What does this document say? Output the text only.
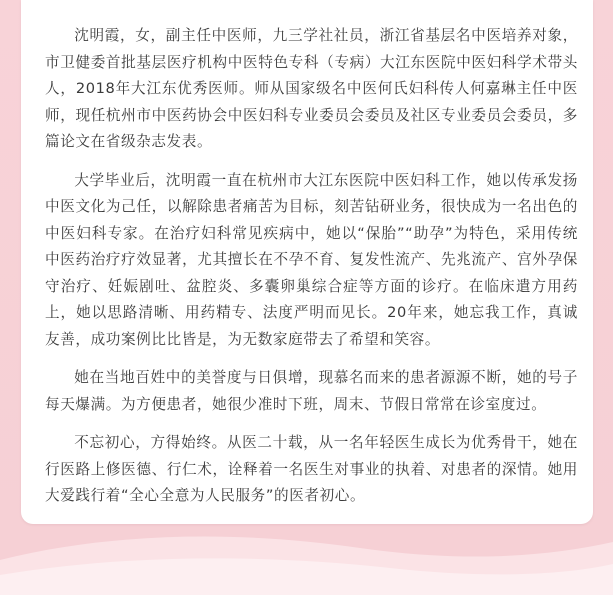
沈明霞，女，副主任中医师，九三学社社员，浙江省基层名中医培养对象，市卫健委首批基层医疗机构中医特色专科（专病）大江东医院中医妇科学术带头人，2018年大江东优秀医师。师从国家级名中医何氏妇科传人何嘉琳主任中医师，现任杭州市中医药协会中医妇科专业委员会委员及社区专业委员会委员，多篇论文在省级杂志发表。

大学毕业后，沈明霞一直在杭州市大江东医院中医妇科工作，她以传承发扬中医文化为己任，以解除患者痛苦为目标，刻苦钻研业务，很快成为一名出色的中医妇科专家。在治疗妇科常见疾病中，她以“保胎”“助孕”为特色，采用传统中医药治疗疗效显著，尤其擅长在不孕不育、复发性流产、先兆流产、宫外孕保守治疗、妊娠剧吐、盆腔炎、多囊卵巢综合症等方面的诊疗。在临床遣方用药上，她以思路清晰、用药精专、法度严明而见长。20年来，她忘我工作，真诚友善，成功案例比比皆是，为无数家庭带去了希望和笑容。

她在当地百姓中的美誉度与日俱增，现慕名而来的患者源源不断，她的号子每天爆满。为方便患者，她很少准时下班，周末、节假日常常在诊室度过。

不忘初心，方得始终。从医二十载，从一名年轻医生成长为优秀骨干，她在行医路上修医德、行仁术，诠释着一名医生对事业的执着、对患者的深情。她用大爱践行着“全心全意为人民服务”的医者初心。
